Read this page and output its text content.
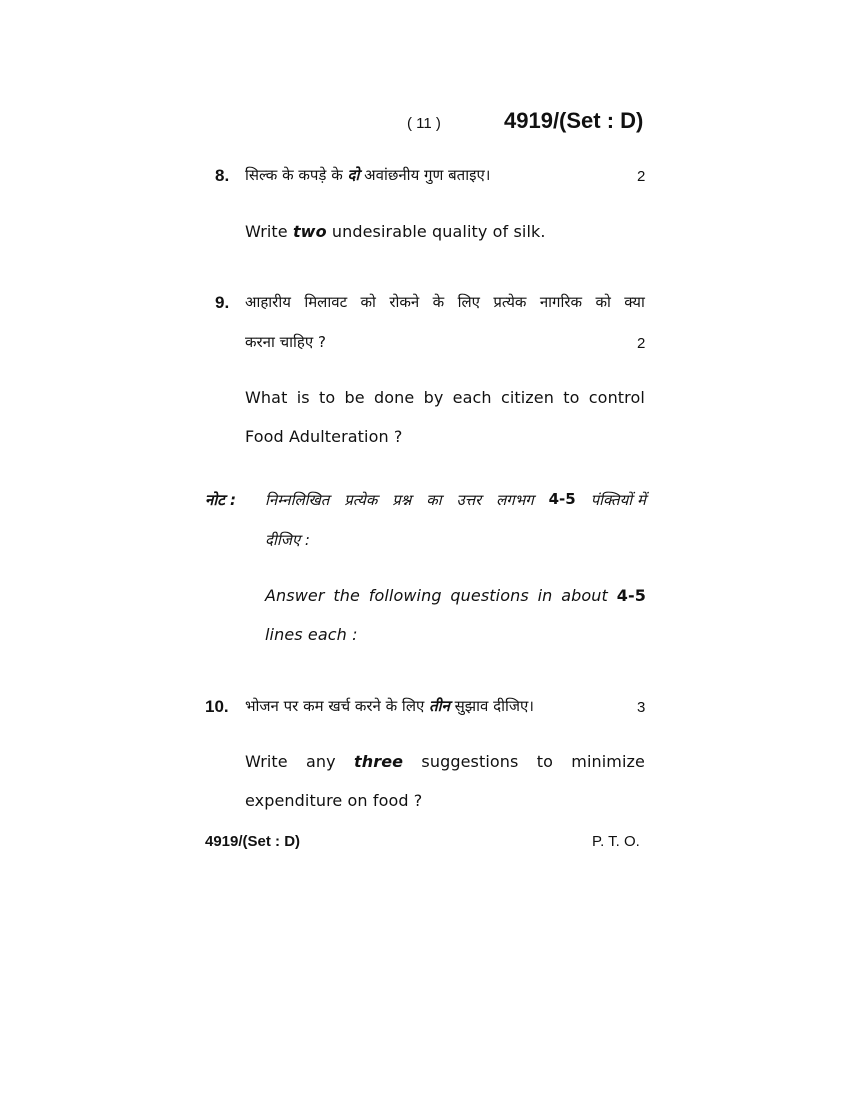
( 11 )	4919/(Set : D)
8. सिल्क के कपड़े के दो अवांछनीय गुण बताइए।	2
Write two undesirable quality of silk.
9. आहारीय मिलावट को रोकने के लिए प्रत्येक नागरिक को क्या
करना चाहिए ?	2
What is to be done by each citizen to control
Food Adulteration ?
नोट : निम्नलिखित प्रत्येक प्रश्न का उत्तर लगभग 4-5 पंक्तियों में
दीजिए :
Answer the following questions in about 4-5
lines each :
10. भोजन पर कम खर्च करने के लिए तीन सुझाव दीजिए।	3
Write any three suggestions to minimize
expenditure on food ?
4919/(Set : D)	P. T. O.
